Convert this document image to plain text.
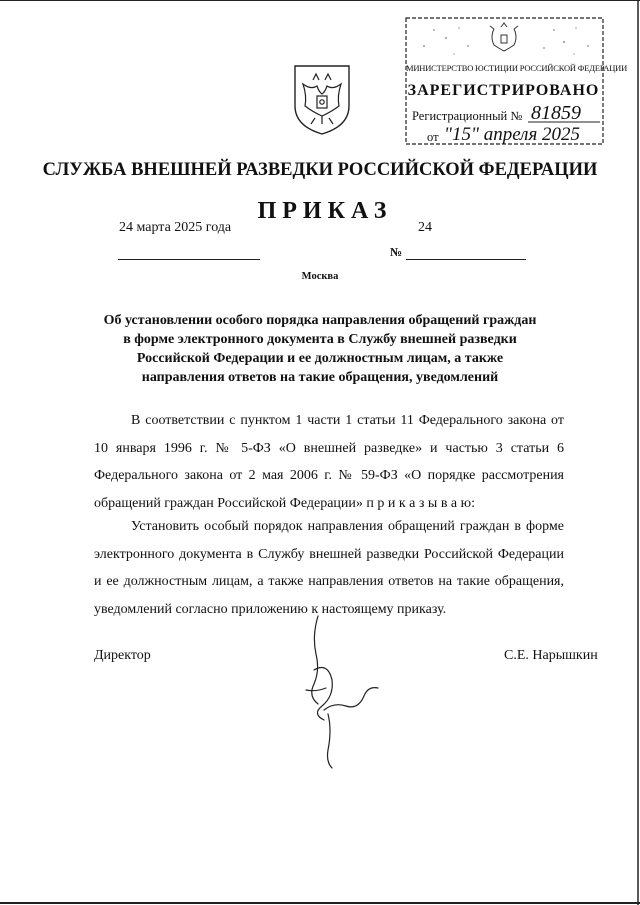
МИНИСТЕРСТВО ЮСТИЦИИ РОССИЙСКОЙ ФЕДЕРАЦИИ
ЗАРЕГИСТРИРОВАНО
Регистрационный № 81859
от "15" апреля 2025
СЛУЖБА ВНЕШНЕЙ РАЗВЕДКИ РОССИЙСКОЙ ФЕДЕРАЦИИ
ПРИКАЗ
24 марта 2025 года	24
№
Москва
Об установлении особого порядка направления обращений граждан в форме электронного документа в Службу внешней разведки Российской Федерации и ее должностным лицам, а также направления ответов на такие обращения, уведомлений
В соответствии с пунктом 1 части 1 статьи 11 Федерального закона от 10 января 1996 г. № 5-ФЗ «О внешней разведке» и частью 3 статьи 6 Федерального закона от 2 мая 2006 г. № 59-ФЗ «О порядке рассмотрения обращений граждан Российской Федерации» п р и к а з ы в а ю:
Установить особый порядок направления обращений граждан в форме электронного документа в Службу внешней разведки Российской Федерации и ее должностным лицам, а также направления ответов на такие обращения, уведомлений согласно приложению к настоящему приказу.
Директор	С.Е. Нарышкин
